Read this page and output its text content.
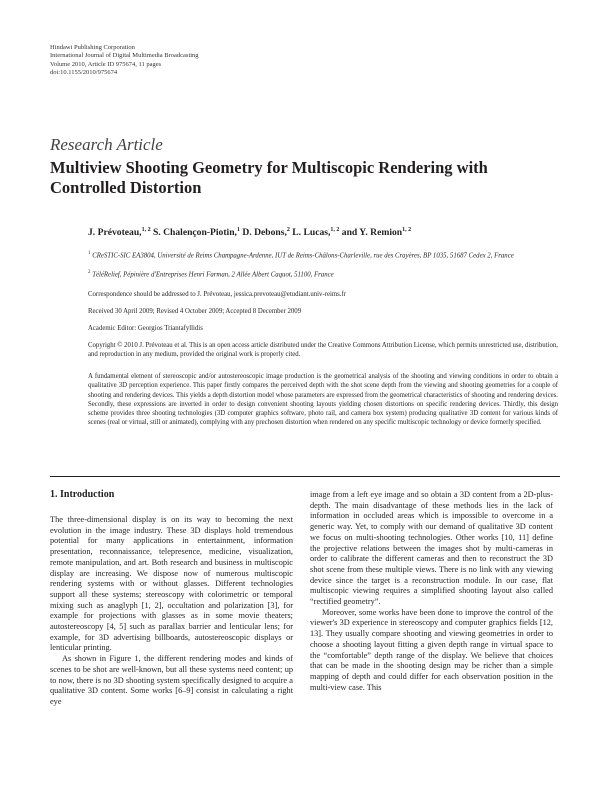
Hindawi Publishing Corporation
International Journal of Digital Multimedia Broadcasting
Volume 2010, Article ID 975674, 11 pages
doi:10.1155/2010/975674
Research Article
Multiview Shooting Geometry for Multiscopic Rendering with Controlled Distortion
J. Prévoteau,$^{1, 2}$ S. Chalençon-Piotin,$^1$ D. Debons,$^2$ L. Lucas,$^{1, 2}$ and Y. Remion$^{1, 2}$
$^1$ CReSTIC-SIC EA3804, Université de Reims Champagne-Ardenne, IUT de Reims-Châlons-Charleville, rue des Crayères, BP 1035, 51687 Cedex 2, France
$^2$ TéléRelief, Pépinière d'Entreprises Henri Farman, 2 Allée Albert Caquot, 51100, France
Correspondence should be addressed to J. Prévoteau, jessica.prevoteau@etudiant.univ-reims.fr
Received 30 April 2009; Revised 4 October 2009; Accepted 8 December 2009
Academic Editor: Georgios Triantafyllidis
Copyright © 2010 J. Prévoteau et al. This is an open access article distributed under the Creative Commons Attribution License, which permits unrestricted use, distribution, and reproduction in any medium, provided the original work is properly cited.
A fundamental element of stereoscopic and/or autostereoscopic image production is the geometrical analysis of the shooting and viewing conditions in order to obtain a qualitative 3D perception experience. This paper firstly compares the perceived depth with the shot scene depth from the viewing and shooting geometries for a couple of shooting and rendering devices. This yields a depth distortion model whose parameters are expressed from the geometrical characteristics of shooting and rendering devices. Secondly, these expressions are inverted in order to design convenient shooting layouts yielding chosen distortions on specific rendering devices. Thirdly, this design scheme provides three shooting technologies (3D computer graphics software, photo rail, and camera box system) producing qualitative 3D content for various kinds of scenes (real or virtual, still or animated), complying with any prechosen distortion when rendered on any specific multiscopic technology or device formerly specified.
1. Introduction

The three-dimensional display is on its way to becoming the next evolution in the image industry. These 3D displays hold tremendous potential for many applications in entertainment, information presentation, reconnaissance, telepresence, medicine, visualization, remote manipulation, and art. Both research and business in multiscopic display are increasing. We dispose now of numerous multiscopic rendering systems with or without glasses. Different technologies support all these systems; stereoscopy with colorimetric or temporal mixing such as anaglyph [1, 2], occultation and polarization [3], for example for projections with glasses as in some movie theaters; autostereoscopy [4, 5] such as parallax barrier and lenticular lens; for example, for 3D advertising billboards, autostereoscopic displays or lenticular printing.

As shown in Figure 1, the different rendering modes and kinds of scenes to be shot are well-known, but all these systems need content; up to now, there is no 3D shooting system specifically designed to acquire a qualitative 3D content. Some works [6–9] consist in calculating a right eye

image from a left eye image and so obtain a 3D content from a 2D-plus-depth. The main disadvantage of these methods lies in the lack of information in occluded areas which is impossible to overcome in a generic way. Yet, to comply with our demand of qualitative 3D content we focus on multi-shooting technologies. Other works [10, 11] define the projective relations between the images shot by multi-cameras in order to calibrate the different cameras and then to reconstruct the 3D shot scene from these multiple views. There is no link with any viewing device since the target is a reconstruction module. In our case, flat multiscopic viewing requires a simplified shooting layout also called “rectified geometry”.

Moreover, some works have been done to improve the control of the viewer's 3D experience in stereoscopy and computer graphics fields [12, 13]. They usually compare shooting and viewing geometries in order to choose a shooting layout fitting a given depth range in virtual space to the “comfortable” depth range of the display. We believe that choices that can be made in the shooting design may be richer than a simple mapping of depth and could differ for each observation position in the multi-view case. This
